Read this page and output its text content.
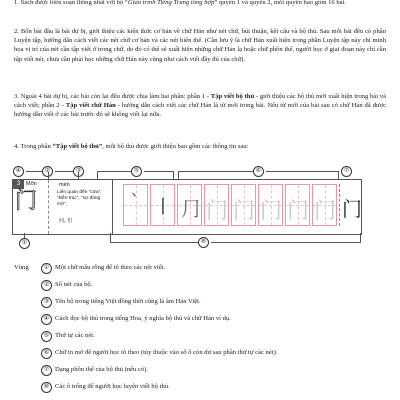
1. Sách được biên soạn thống nhất với bộ “Giáo trình Tiếng Trung tổng hợp” quyển 1 và quyển 2, mỗi quyển bao gồm 16 bài.

2. Bốn bài đầu là bài dự bị, giới thiệu các kiến thức cơ bản về chữ Hán như nét chữ, bút thuận, kết cấu và bộ thủ. Sau mỗi bài đều có phần Luyện tập, hướng dẫn cách viết các nét chữ cơ bản và các nét biến thể. (Cần lưu ý là chữ Hán xuất hiện trong phần Luyện tập này chỉ minh họa vị trí của nét cần tập viết ở trong chữ, do đó có thể sẽ xuất hiện những chữ Hán lạ hoặc chữ phồn thể, người học ở giai đoạn này chỉ cần tập viết nét, chưa cần phải học những chữ Hán này cũng như cách viết đầy đủ của chữ).

3. Ngoài 4 bài dự bị, các bài còn lại đều được chia làm hai phần: phần 1 - Tập viết bộ thủ - giới thiệu các bộ thủ mới xuất hiện trong bài và cách viết; phần 2 - Tập viết chữ Hán - hướng dẫn cách viết các chữ Hán là từ mới trong bài. Nếu từ mới của bài sau có chữ Hán đã được hướng dẫn viết ở các bài trước đó sẽ không viết lại nữa.

4. Trong phần “Tập viết bộ thủ”, mỗi bộ thủ được giới thiệu bao gồm các thông tin sau:

④	②	③	⑤	⑥	⑦
3	Môn
门
mén
Liên quan đến “cửa”, “kiến trúc”, “sự đóng mở”,
问, 们
丶
丨 ⺆ 门 门 门 门 门 门
①	⑧
Vùng	① Một chữ mẫu rỗng để tô theo các nét viết.
② Số nét của bộ.
③ Tên bộ trong tiếng Việt đồng thời cũng là âm Hán Việt.
④ Cách đọc bộ thủ trong tiếng Hoa, ý nghĩa bộ thủ và chữ Hán ví dụ.
⑤ Thứ tự các nét.
⑥ Chữ in mờ để người học tô theo (tùy thuộc vào số ô còn dư sau phần thứ tự các nét).
⑦ Dạng phồn thể của bộ thủ (nếu có).
⑧ Các ô trống để người học luyện viết bộ thủ.
